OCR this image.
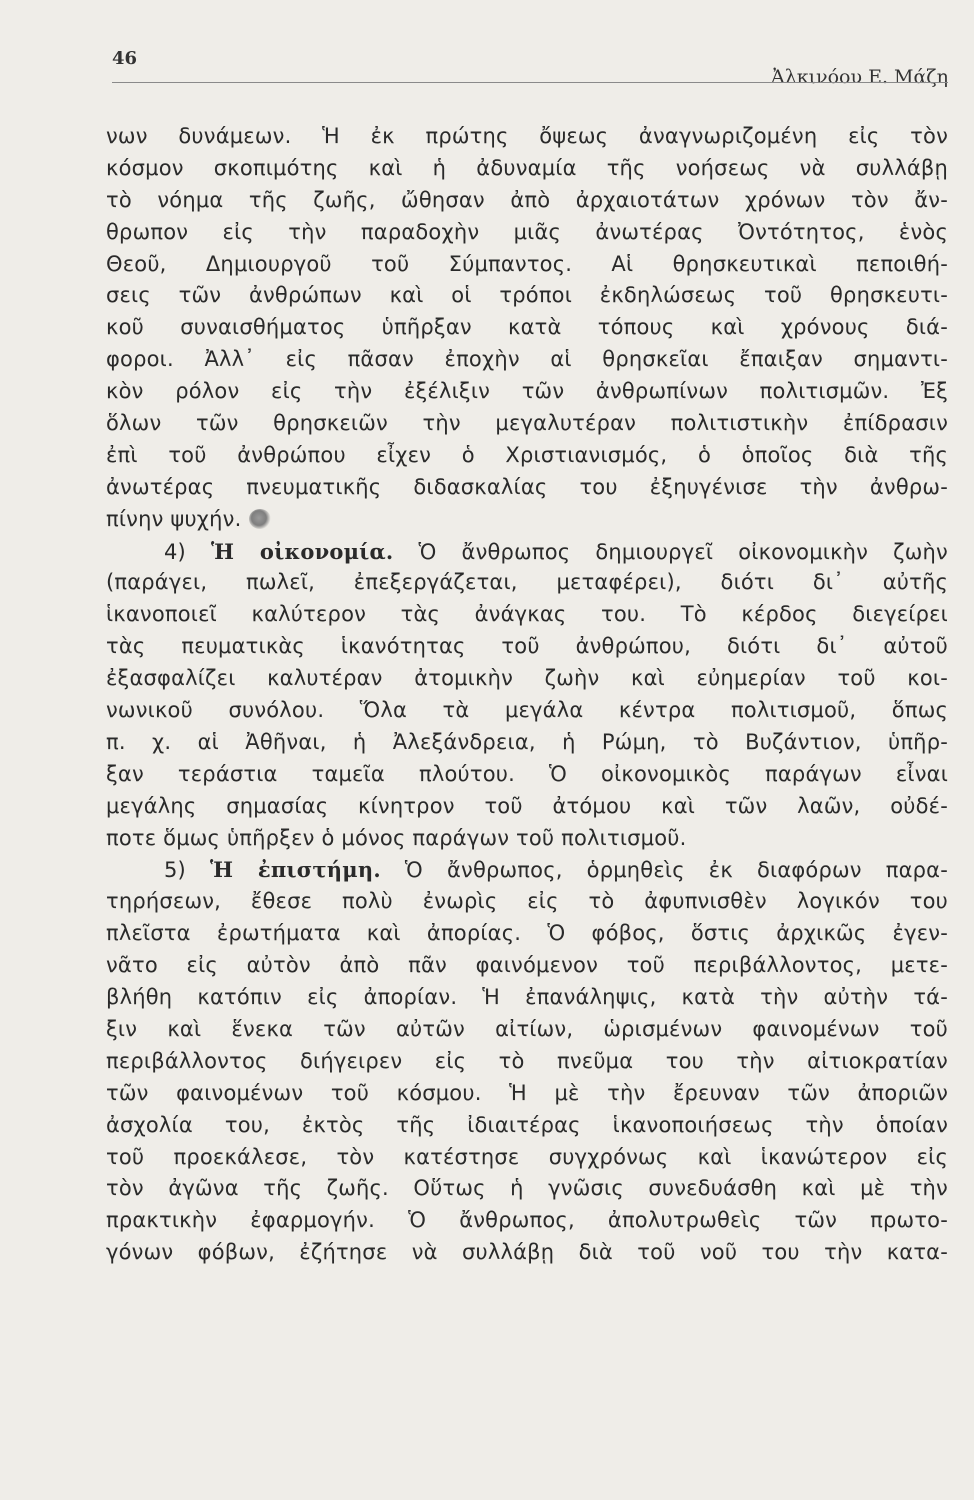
46
Ἀλκινόου Ε. Μάζη
νων δυνάμεων. Ἡ ἐκ πρώτης ὄψεως ἀναγνωριζομένη εἰς τὸν
κόσμον σκοπιμότης καὶ ἡ ἀδυναμία τῆς νοήσεως νὰ συλλάβῃ
τὸ νόημα τῆς ζωῆς, ὤθησαν ἀπὸ ἀρχαιοτάτων χρόνων τὸν ἄν-
θρωπον εἰς τὴν παραδοχὴν μιᾶς ἀνωτέρας Ὀντότητος, ἑνὸς
Θεοῦ, Δημιουργοῦ τοῦ Σύμπαντος. Αἱ θρησκευτικαὶ πεποιθή-
σεις τῶν ἀνθρώπων καὶ οἱ τρόποι ἐκδηλώσεως τοῦ θρησκευτι-
κοῦ συναισθήματος ὑπῆρξαν κατὰ τόπους καὶ χρόνους διά-
φοροι. Ἀλλ᾽ εἰς πᾶσαν ἐποχὴν αἱ θρησκεῖαι ἔπαιξαν σημαντι-
κὸν ρόλον εἰς τὴν ἐξέλιξιν τῶν ἀνθρωπίνων πολιτισμῶν. Ἐξ
ὅλων τῶν θρησκειῶν τὴν μεγαλυτέραν πολιτιστικὴν ἐπίδρασιν
ἐπὶ τοῦ ἀνθρώπου εἶχεν ὁ Χριστιανισμός, ὁ ὁποῖος διὰ τῆς
ἀνωτέρας πνευματικῆς διδασκαλίας του ἐξηυγένισε τὴν ἀνθρω-
πίνην ψυχήν.
4) Ἡ οἰκονομία. Ὁ ἄνθρωπος δημιουργεῖ οἰκονομικὴν ζωὴν
(παράγει, πωλεῖ, ἐπεξεργάζεται, μεταφέρει), διότι δι᾽ αὐτῆς
ἱκανοποιεῖ καλύτερον τὰς ἀνάγκας του. Τὸ κέρδος διεγείρει
τὰς πευματικὰς ἱκανότητας τοῦ ἀνθρώπου, διότι δι᾽ αὐτοῦ
ἐξασφαλίζει καλυτέραν ἀτομικὴν ζωὴν καὶ εὐημερίαν τοῦ κοι-
νωνικοῦ συνόλου. Ὅλα τὰ μεγάλα κέντρα πολιτισμοῦ, ὅπως
π. χ. αἱ Ἀθῆναι, ἡ Ἀλεξάνδρεια, ἡ Ρώμη, τὸ Βυζάντιον, ὑπῆρ-
ξαν τεράστια ταμεῖα πλούτου. Ὁ οἰκονομικὸς παράγων εἶναι
μεγάλης σημασίας κίνητρον τοῦ ἀτόμου καὶ τῶν λαῶν, οὐδέ-
ποτε ὅμως ὑπῆρξεν ὁ μόνος παράγων τοῦ πολιτισμοῦ.
5) Ἡ ἐπιστήμη. Ὁ ἄνθρωπος, ὁρμηθεὶς ἐκ διαφόρων παρα-
τηρήσεων, ἔθεσε πολὺ ἐνωρὶς εἰς τὸ ἀφυπνισθὲν λογικόν του
πλεῖστα ἐρωτήματα καὶ ἀπορίας. Ὁ φόβος, ὅστις ἀρχικῶς ἐγεν-
νᾶτο εἰς αὐτὸν ἀπὸ πᾶν φαινόμενον τοῦ περιβάλλοντος, μετε-
βλήθη κατόπιν εἰς ἀπορίαν. Ἡ ἐπανάληψις, κατὰ τὴν αὐτὴν τά-
ξιν καὶ ἕνεκα τῶν αὐτῶν αἰτίων, ὡρισμένων φαινομένων τοῦ
περιβάλλοντος διήγειρεν εἰς τὸ πνεῦμα του τὴν αἰτιοκρατίαν
τῶν φαινομένων τοῦ κόσμου. Ἡ μὲ τὴν ἔρευναν τῶν ἀποριῶν
ἀσχολία του, ἐκτὸς τῆς ἰδιαιτέρας ἱκανοποιήσεως τὴν ὁποίαν
τοῦ προεκάλεσε, τὸν κατέστησε συγχρόνως καὶ ἱκανώτερον εἰς
τὸν ἀγῶνα τῆς ζωῆς. Οὕτως ἡ γνῶσις συνεδυάσθη καὶ μὲ τὴν
πρακτικὴν ἐφαρμογήν. Ὁ ἄνθρωπος, ἀπολυτρωθεὶς τῶν πρωτο-
γόνων φόβων, ἐζήτησε νὰ συλλάβῃ διὰ τοῦ νοῦ του τὴν κατα-
